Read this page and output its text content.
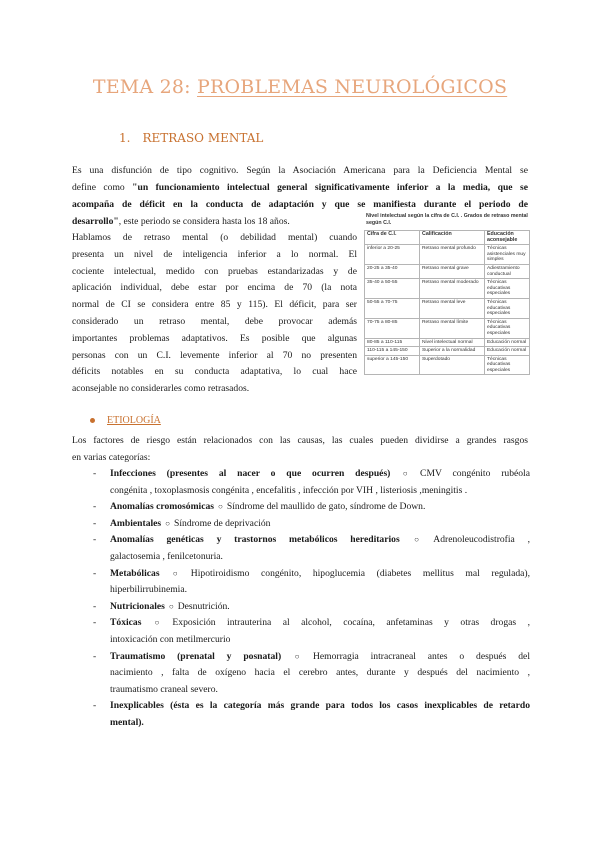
TEMA 28: PROBLEMAS NEUROLÓGICOS
1. RETRASO MENTAL
Es una disfunción de tipo cognitivo. Según la Asociación Americana para la Deficiencia Mental se
define como "un funcionamiento intelectual general significativamente inferior a la media, que se
acompaña de déficit en la conducta de adaptación y que se manifiesta durante el periodo de
desarrollo", este periodo se considera hasta los 18 años.
Hablamos de retraso mental (o debilidad mental) cuando
presenta un nivel de inteligencia inferior a lo normal. El
cociente intelectual, medido con pruebas estandarizadas y de
aplicación individual, debe estar por encima de 70 (la nota
normal de CI se considera entre 85 y 115). El déficit, para ser
considerado un retraso mental, debe provocar además
importantes problemas adaptativos. Es posible que algunas
personas con un C.I. levemente inferior al 70 no presenten
déficits notables en su conducta adaptativa, lo cual hace
aconsejable no considerarles como retrasados.
Nivel intelectual según la cifra de C.I. . Grados de retraso mental según C.I.
Cifra de C.I.	Calificación	Educación aconsejable
inferior a 20-25	Retraso mental profundo	Técnicas asistenciales muy simples
20-25 a 35-40	Retraso mental grave	Adiestramiento conductual
35-40 a 50-55	Retraso mental moderado	Técnicas educativas especiales
50-55 a 70-75	Retraso mental leve	Técnicas educativas especiales
70-75 a 80-85	Retraso mental límite	Técnicas educativas especiales
80-85 a 110-115	Nivel intelectual normal	Educación normal
110-115 a 145-150	Superior a la normalidad	Educación normal
superior a 145-150	Superdotado	Técnicas educativas especiales
ETIOLOGÍA
Los factores de riesgo están relacionados con las causas, las cuales pueden dividirse a grandes rasgos
en varias categorías:
- Infecciones (presentes al nacer o que ocurren después) ○ CMV congénito rubéola
congénita , toxoplasmosis congénita , encefalitis , infección por VIH , listeriosis ,meningitis .
- Anomalías cromosómicas ○ Síndrome del maullido de gato, síndrome de Down.
- Ambientales ○ Síndrome de deprivación
- Anomalías genéticas y trastornos metabólicos hereditarios ○ Adrenoleucodistrofia ,
galactosemia , fenilcetonuria.
- Metabólicas ○ Hipotiroidismo congénito, hipoglucemia (diabetes mellitus mal regulada),
hiperbilirrubinemia.
- Nutricionales ○ Desnutrición.
- Tóxicas ○ Exposición intrauterina al alcohol, cocaína, anfetaminas y otras drogas ,
intoxicación con metilmercurio
- Traumatismo (prenatal y posnatal) ○ Hemorragia intracraneal antes o después del
nacimiento , falta de oxígeno hacia el cerebro antes, durante y después del nacimiento ,
traumatismo craneal severo.
- Inexplicables (ésta es la categoría más grande para todos los casos inexplicables de retardo
mental).
